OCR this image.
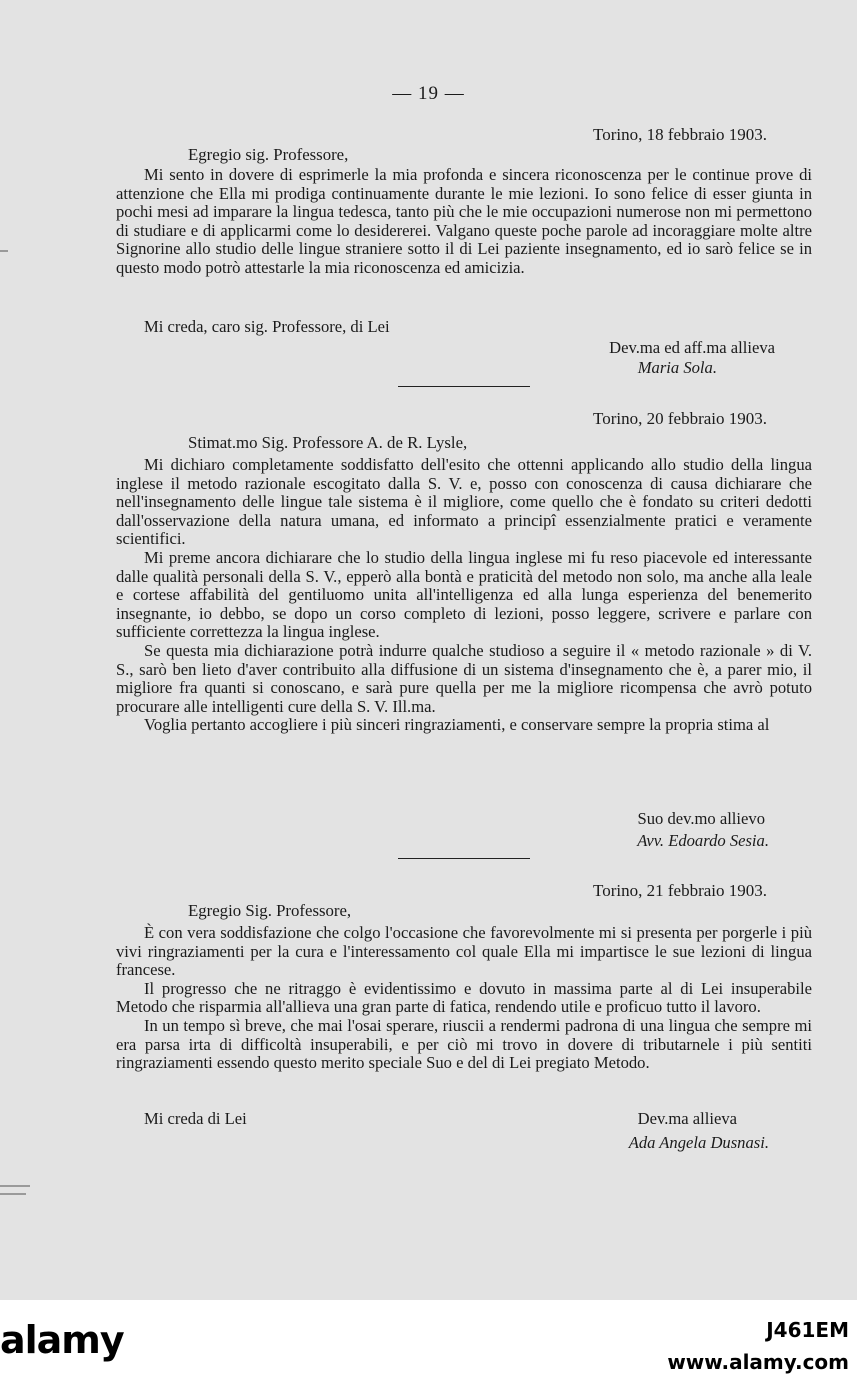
— 19 —
Torino, 18 febbraio 1903.
Egregio sig. Professore,

Mi sento in dovere di esprimerle la mia profonda e sincera riconoscenza per le continue prove di attenzione che Ella mi prodiga continuamente durante le mie lezioni. Io sono felice di esser giunta in pochi mesi ad imparare la lingua tedesca, tanto più che le mie occupazioni numerose non mi permettono di studiare e di applicarmi come lo desidererei. Valgano queste poche parole ad incoraggiare molte altre Signorine allo studio delle lingue straniere sotto il di Lei paziente insegnamento, ed io sarò felice se in questo modo potrò attestarle la mia riconoscenza ed amicizia.

Mi creda, caro sig. Professore, di Lei
Dev.ma ed aff.ma allieva
Maria Sola.
Torino, 20 febbraio 1903.
Stimat.mo Sig. Professore A. de R. Lysle,

Mi dichiaro completamente soddisfatto dell'esito che ottenni applicando allo studio della lingua inglese il metodo razionale escogitato dalla S. V. e, posso con conoscenza di causa dichiarare che nell'insegnamento delle lingue tale sistema è il migliore, come quello che è fondato su criteri dedotti dall'osservazione della natura umana, ed informato a principî essenzialmente pratici e veramente scientifici.

Mi preme ancora dichiarare che lo studio della lingua inglese mi fu reso piacevole ed interessante dalle qualità personali della S. V., epperò alla bontà e praticità del metodo non solo, ma anche alla leale e cortese affabilità del gentiluomo unita all'intelligenza ed alla lunga esperienza del benemerito insegnante, io debbo, se dopo un corso completo di lezioni, posso leggere, scrivere e parlare con sufficiente correttezza la lingua inglese.

Se questa mia dichiarazione potrà indurre qualche studioso a seguire il « metodo razionale » di V. S., sarò ben lieto d'aver contribuito alla diffusione di un sistema d'insegnamento che è, a parer mio, il migliore fra quanti si conoscano, e sarà pure quella per me la migliore ricompensa che avrò potuto procurare alle intelligenti cure della S. V. Ill.ma.

Voglia pertanto accogliere i più sinceri ringraziamenti, e conservare sempre la propria stima al

Suo dev.mo allievo
Avv. Edoardo Sesia.
Torino, 21 febbraio 1903.
Egregio Sig. Professore,

È con vera soddisfazione che colgo l'occasione che favorevolmente mi si presenta per porgerle i più vivi ringraziamenti per la cura e l'interessamento col quale Ella mi impartisce le sue lezioni di lingua francese.

Il progresso che ne ritraggo è evidentissimo e dovuto in massima parte al di Lei insuperabile Metodo che risparmia all'allieva una gran parte di fatica, rendendo utile e proficuo tutto il lavoro.

In un tempo sì breve, che mai l'osai sperare, riuscii a rendermi padrona di una lingua che sempre mi era parsa irta di difficoltà insuperabili, e per ciò mi trovo in dovere di tributarnele i più sentiti ringraziamenti essendo questo merito speciale Suo e del di Lei pregiato Metodo.

Mi creda di Lei	Dev.ma allieva
Ada Angela Dusnasi.
alamy	J461EM
www.alamy.com
